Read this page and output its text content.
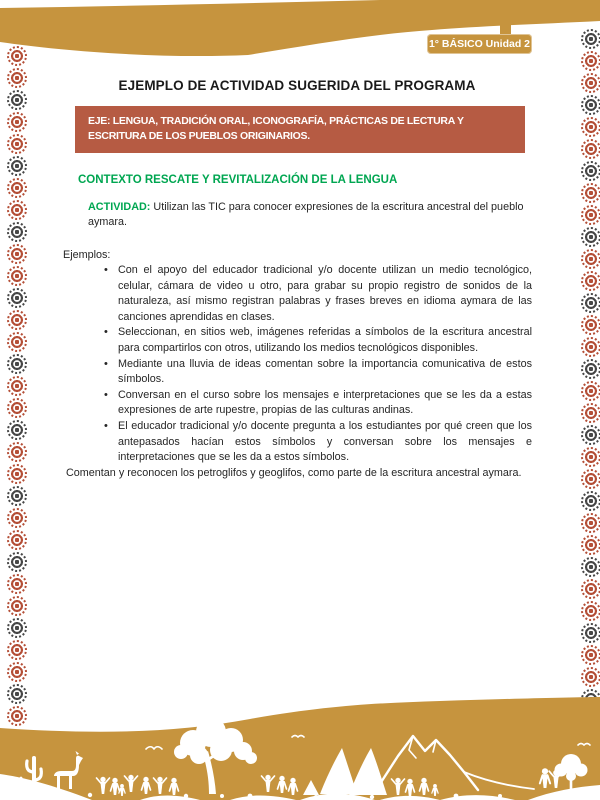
1° BÁSICO Unidad 2
EJEMPLO DE ACTIVIDAD SUGERIDA DEL PROGRAMA
EJE: LENGUA, TRADICIÓN ORAL, ICONOGRAFÍA, PRÁCTICAS DE LECTURA Y ESCRITURA DE LOS PUEBLOS ORIGINARIOS.
CONTEXTO RESCATE Y REVITALIZACIÓN DE LA LENGUA

ACTIVIDAD: Utilizan las TIC para conocer expresiones de la escritura ancestral del pueblo aymara.

Ejemplos:

• Con el apoyo del educador tradicional y/o docente utilizan un medio tecnológico, celular, cámara de video u otro, para grabar su propio registro de sonidos de la naturaleza, así mismo registran palabras y frases breves en idioma aymara de las canciones aprendidas en clases.
• Seleccionan, en sitios web, imágenes referidas a símbolos de la escritura ancestral para compartirlos con otros, utilizando los medios tecnológicos disponibles.
• Mediante una lluvia de ideas comentan sobre la importancia comunicativa de estos símbolos.
• Conversan en el curso sobre los mensajes e interpretaciones que se les da a estas expresiones de arte rupestre, propias de las culturas andinas.
• El educador tradicional y/o docente pregunta a los estudiantes por qué creen que los antepasados hacían estos símbolos y conversan sobre los mensajes e interpretaciones que se les da a estos símbolos.

Comentan y reconocen los petroglifos y geoglifos, como parte de la escritura ancestral aymara.
